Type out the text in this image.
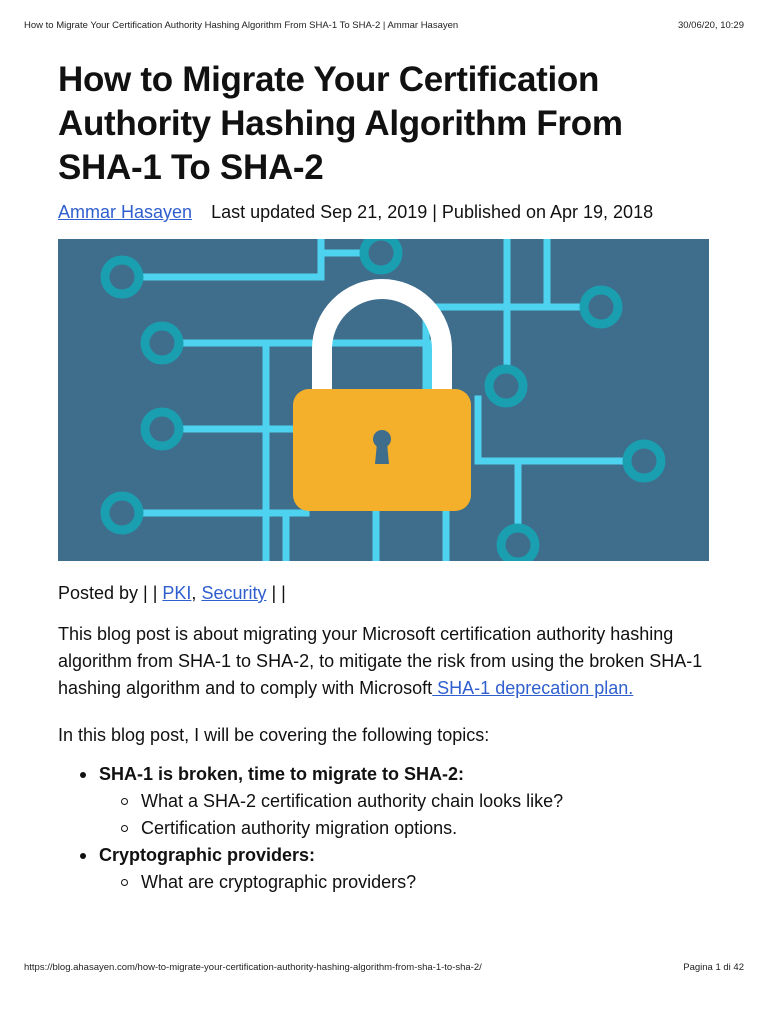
How to Migrate Your Certification Authority Hashing Algorithm From SHA-1 To SHA-2 | Ammar Hasayen	30/06/20, 10:29
How to Migrate Your Certification Authority Hashing Algorithm From SHA-1 To SHA-2
Ammar Hasayen Last updated Sep 21, 2019 | Published on Apr 19, 2018

Posted by | | PKI, Security | |

This blog post is about migrating your Microsoft certification authority hashing algorithm from SHA-1 to SHA-2, to mitigate the risk from using the broken SHA-1 hashing algorithm and to comply with Microsoft SHA-1 deprecation plan.

In this blog post, I will be covering the following topics:

SHA-1 is broken, time to migrate to SHA-2:
What a SHA-2 certification authority chain looks like?
Certification authority migration options.
Cryptographic providers:
What are cryptographic providers?
https://blog.ahasayen.com/how-to-migrate-your-certification-authority-hashing-algorithm-from-sha-1-to-sha-2/	Pagina 1 di 42
